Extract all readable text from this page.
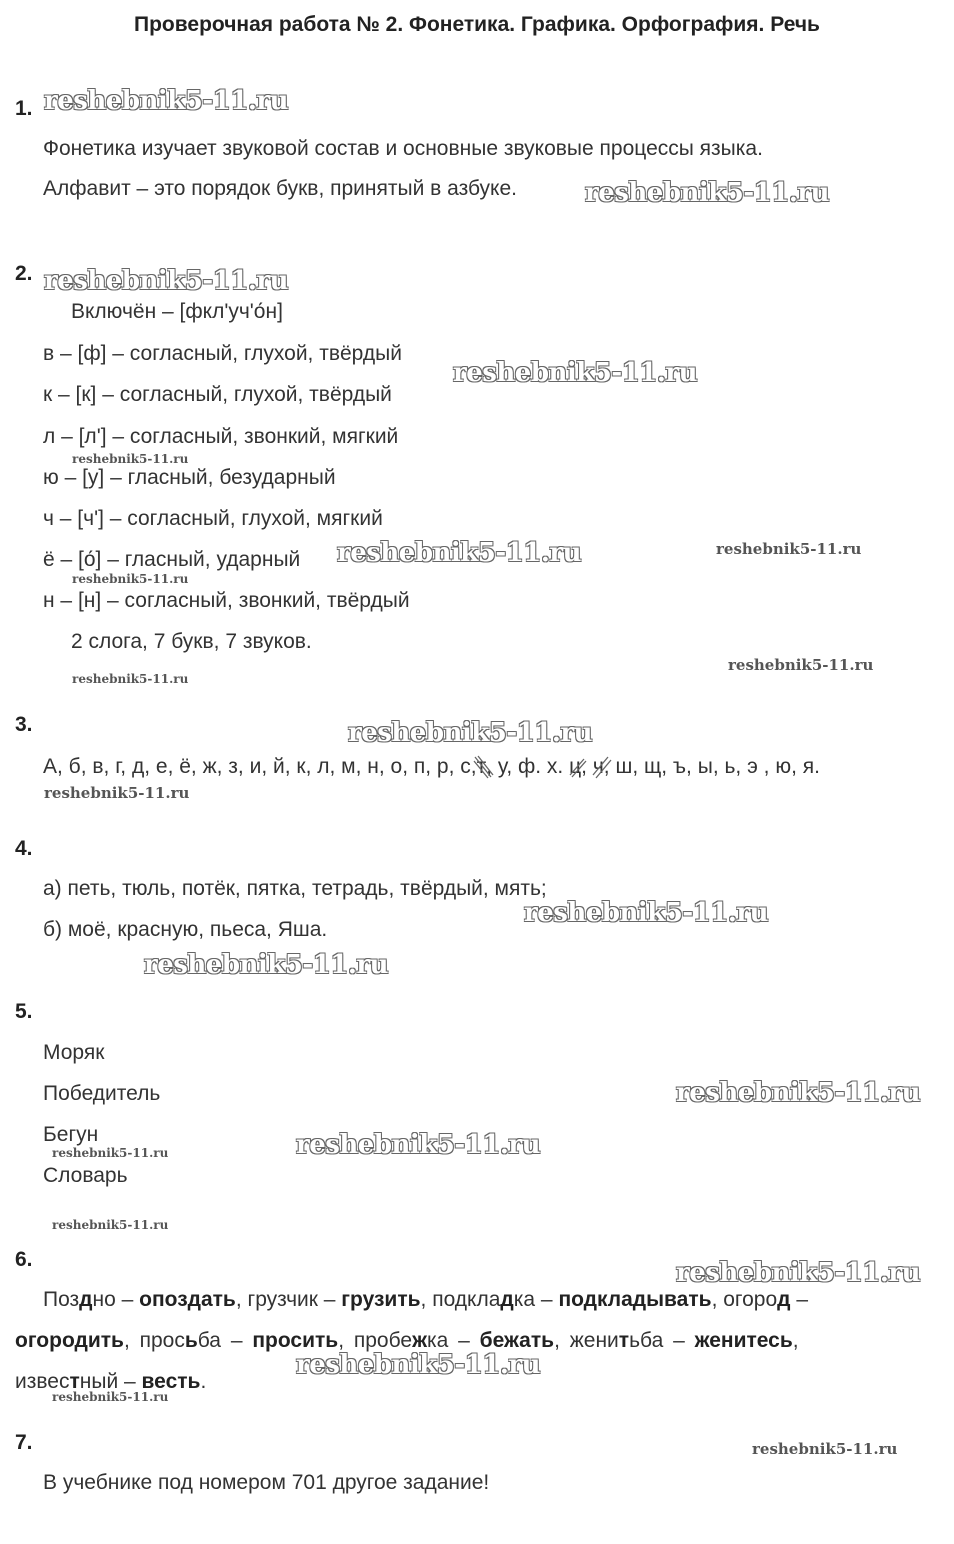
Проверочная работа № 2. Фонетика. Графика. Орфография. Речь
1.
Фонетика изучает звуковой состав и основные звуковые процессы языка.
Алфавит – это порядок букв, принятый в азбуке.
2.
Включён – [фкл'уч'о́н]
в – [ф] – согласный, глухой, твёрдый
к – [к] – согласный, глухой, твёрдый
л – [л'] – согласный, звонкий, мягкий
ю – [у] – гласный, безударный
ч – [ч'] – согласный, глухой, мягкий
ё – [о́] – гласный, ударный
н – [н] – согласный, звонкий, твёрдый
2 слога, 7 букв, 7 звуков.
3.
А, б, в, г, д, е, ё, ж, з, и, й, к, л, м, н, о, п, р, с,т
, у, ф. х. ц
, ч
, ш, щ, ъ, ы, ь, э , ю, я.
4.
а) петь, тюль, потёк, пятка, тетрадь, твёрдый, мять;
б) моё, красную, пьеса, Яша.
5.
Моряк
Победитель
Бегун
Словарь
6.
Поздно – опоздать, грузчик – грузить, подкладка – подкладывать, огород –
огородить, просьба – просить, пробежка – бежать, женитьба – женитесь,
известный – весть.
7.
В учебнике под номером 701 другое задание!
reshebnik5-11.ru
reshebnik5-11.ru
reshebnik5-11.ru
reshebnik5-11.ru
reshebnik5-11.ru
reshebnik5-11.ru	reshebnik5-11.ru
reshebnik5-11.ru
reshebnik5-11.ru
reshebnik5-11.ru
reshebnik5-11.ru
reshebnik5-11.ru
reshebnik5-11.ru
reshebnik5-11.ru
reshebnik5-11.ru
reshebnik5-11.ru
reshebnik5-11.ru
reshebnik5-11.ru
reshebnik5-11.ru
reshebnik5-11.ru
reshebnik5-11.ru
reshebnik5-11.ru
